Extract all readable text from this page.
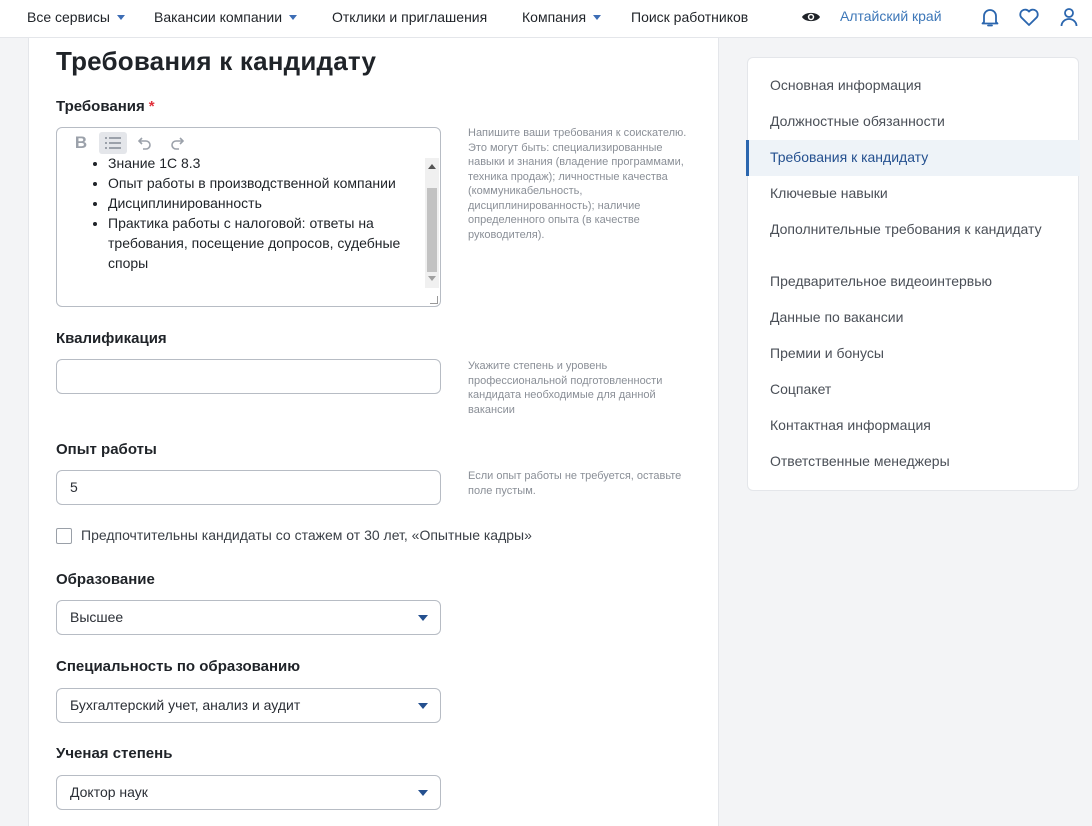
Все сервисы	Вакансии компании	Отклики и приглашения Компания	Поиск работников	Алтайский край
Требования к кандидату
Требования *
B
• Знание 1С 8.3
• Опыт работы в производственной компании
• Дисциплинированность
• Практика работы с налоговой: ответы на требования, посещение допросов, судебные споры
Напишите ваши требования к соискателю.
Это могут быть: специализированные навыки и знания (владение программами, техника продаж); личностные качества (коммуникабельность, дисциплинированность); наличие определенного опыта (в качестве руководителя).
Квалификация
Укажите степень и уровень профессиональной подготовленности кандидата необходимые для данной вакансии
Опыт работы
5
Если опыт работы не требуется, оставьте поле пустым.
Предпочтительны кандидаты со стажем от 30 лет, «Опытные кадры»
Образование
Высшее
Специальность по образованию
Бухгалтерский учет, анализ и аудит
Ученая степень
Доктор наук
Основная информация
Должностные обязанности
Требования к кандидату
Ключевые навыки
Дополнительные требования к кандидату
Предварительное видеоинтервью
Данные по вакансии
Премии и бонусы
Соцпакет
Контактная информация
Ответственные менеджеры
